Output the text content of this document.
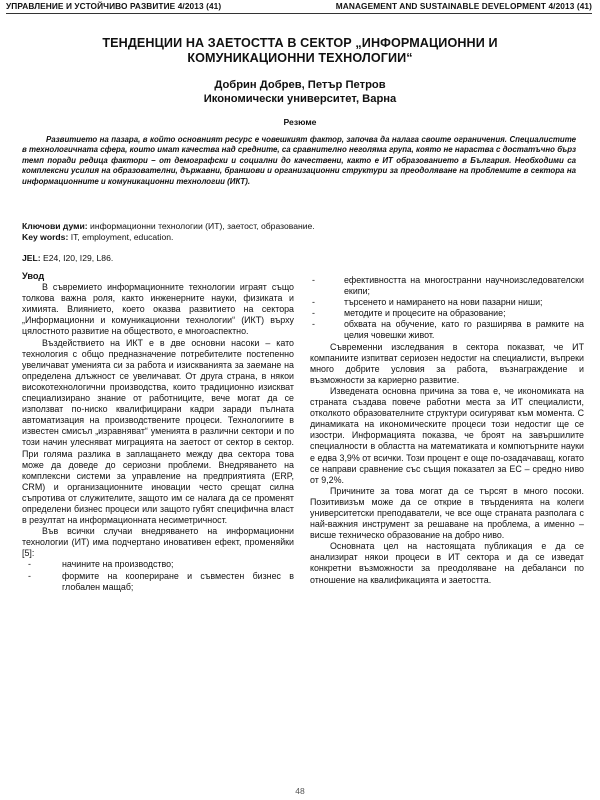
УПРАВЛЕНИЕ И УСТОЙЧИВО РАЗВИТИЕ 4/2013 (41)	MANAGEMENT AND SUSTAINABLE DEVELOPMENT 4/2013 (41)
ТЕНДЕНЦИИ НА ЗАЕТОСТТА В СЕКТОР „ИНФОРМАЦИОННИ И
КОМУНИКАЦИОННИ ТЕХНОЛОГИИ“
Добрин Добрев, Петър Петров
Икономически университет, Варна
Резюме

Развитието на пазара, в който основният ресурс е човешкият фактор, започва да налага своите ограничения. Специалистите в технологичната сфера, които имат качества над средните, са сравнително неголяма група, която не нараства с достатъчно бърз темп поради редица фактори – от демографски и социални до качествени, както е ИТ образованието в България. Необходими са комплексни усилия на образователни, държавни, браншови и организационни структури за преодоляване на проблемите в сектора на информационните и комуникационни технологии (ИКТ).

Ключови думи: информационни технологии (ИТ), заетост, образование.
Key words: IT, employment, education.
JEL: E24, I20, I29, L86.

Увод

В съвремието информационните технологии играят също толкова важна роля, както инженерните науки, физиката и химията. Влиянието, което оказва развитието на сектора „Информационни и комуникационни технологии“ (ИКТ) върху цялостното развитие на обществото, е многоаспектно.

Въздействието на ИКТ е в две основни насоки – като технология с общо предназначение потребителите постепенно увеличават уменията си за работа и изискванията за заемане на определена длъжност се увеличават. От друга страна, в някои високотехнологични производства, които традиционно изискват специализирано знание от работниците, вече могат да се използват по-ниско квалифицирани кадри заради пълната автоматизация на производствените процеси. Технологиите в известен смисъл „изравняват“ уменията в различни сектори и по този начин улесняват миграцията на заетост от сектор в сектор. При голяма разлика в заплащането между два сектора това може да доведе до сериозни проблеми. Внедряването на комплексни системи за управление на предприятията (ERP, CRM) и организационните иновации често срещат силна съпротива от служителите, защото им се налага да се променят определени бизнес процеси или защото губят специфична власт в резултат на информационната несиметричност.

Във всички случаи внедряването на информационни технологии (ИТ) има подчертано иновативен ефект, променяйки [5]:

-	начините на производство;
-	формите на коопериране и съвместен бизнес в глобален мащаб;
-	ефективността на многостранни научноизследователски екипи;
-	търсенето и намирането на нови пазарни ниши;
-	методите и процесите на образование;
-	обхвата на обучение, като го разширява в рамките на целия човешки живот.

Съвременни изследвания в сектора показват, че ИТ компаниите изпитват сериозен недостиг на специалисти, въпреки много добрите условия за работа, възнаграждение и възможности за кариерно развитие.

Изведената основна причина за това е, че икономиката на страната създава повече работни места за ИТ специалисти, отколкото образователните структури осигуряват към момента. С динамиката на икономическите процеси този недостиг ще се изостри. Информацията показва, че броят на завършилите специалности в областта на математиката и компютърните науки е едва 3,9% от всички. Този процент е още по-озадачаващ, когато се направи сравнение със същия показател за ЕС – средно ниво от 9,2%.

Причините за това могат да се търсят в много посоки. Позитивизъм може да се открие в твърденията на колеги университетски преподаватели, че все още страната разполага с най-важния инструмент за решаване на проблема, а именно – висше техническо образование на добро ниво.

Основната цел на настоящата публикация е да се анализират някои процеси в ИТ сектора и да се изведат конкретни възможности за преодоляване на дебаланси по отношение на квалификацията и заетостта.

48
